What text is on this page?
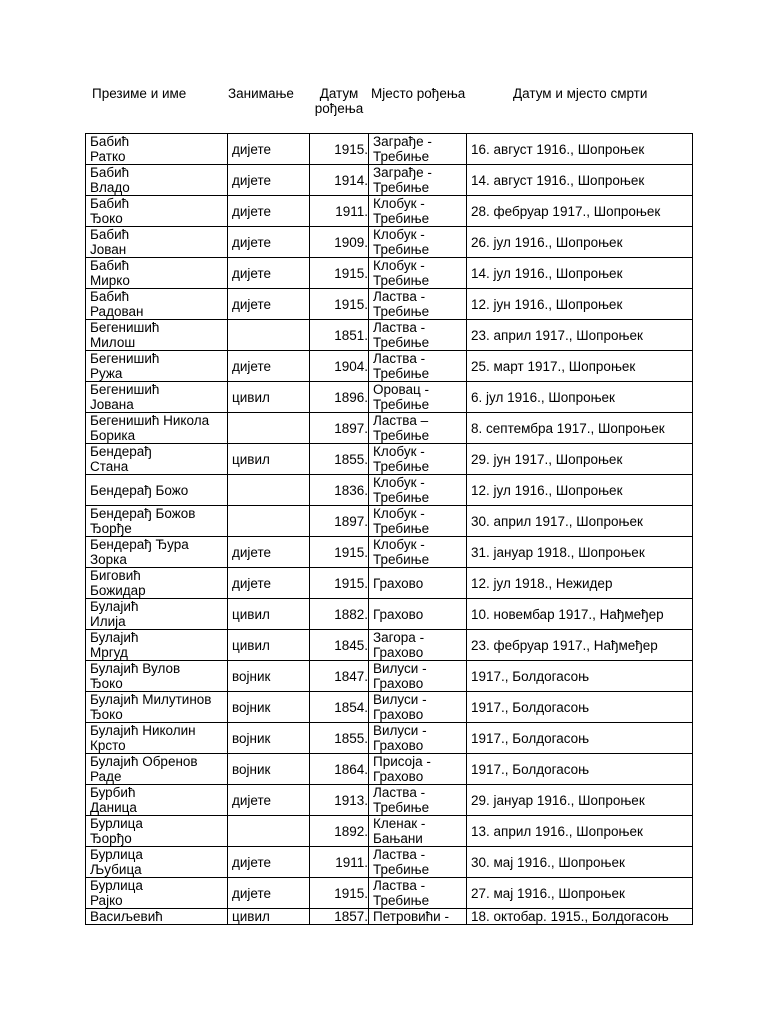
Презиме и име	Занимање	Датум
рођења
Мјесто рођења	Датум и мјесто смрти
Бабић
Ратко	дијете	1915.	Заграђе -
Требиње	16. август 1916., Шопроњек

Бабић
Владо	дијете	1914.	Заграђе -
Требиње	14. август 1916., Шопроњек

Бабић
Ђоко	дијете	1911.	Клобук -
Требиње	28. фебруар 1917., Шопроњек

Бабић
Јован	дијете	1909.	Клобук -
Требиње	26. јул 1916., Шопроњек

Бабић
Мирко	дијете	1915.	Клобук -
Требиње	14. јул 1916., Шопроњек

Бабић
Радован	дијете	1915.	Ластва -
Требиње	12. јун 1916., Шопроњек

Бегенишић
Милош		1851.	Ластва -
Требиње	23. април 1917., Шопроњек

Бегенишић
Ружа	дијете	1904.	Ластва -
Требиње	25. март 1917., Шопроњек

Бегенишић
Јована	цивил	1896.	Оровац -
Требиње	6. јул 1916., Шопроњек

Бегенишић Никола
Борика		1897.	Ластва –
Требиње	8. септембра 1917., Шопроњек

Бендерађ
Стана	цивил	1855.	Клобук -
Требиње	29. јун 1917., Шопроњек

Бендерађ Божо		1836.	Клобук -
Требиње	12. јул 1916., Шопроњек

Бендерађ Божов
Ђорђе		1897.	Клобук -
Требиње	30. април 1917., Шопроњек

Бендерађ Ђура
Зорка	дијете	1915.	Клобук -
Требиње	31. јануар 1918., Шопроњек

Биговић
Божидар	дијете	1915.	Грахово	12. јул 1918., Нежидер

Булајић
Илија	цивил	1882.	Грахово	10. новембар 1917., Нађмеђер

Булајић
Мргуд	цивил	1845.	Загора -
Грахово	23. фебруар 1917., Нађмеђер

Булајић Вулов
Ђоко	војник	1847.	Вилуси -
Грахово	1917., Болдогасоњ

Булајић Милутинов
Ђоко	војник	1854.	Вилуси -
Грахово	1917., Болдогасоњ

Булајић Николин
Крсто	војник	1855.	Вилуси -
Грахово	1917., Болдогасоњ

Булајић Обренов
Раде	војник	1864.	Присоја -
Грахово	1917., Болдогасоњ

Бурбић
Даница	дијете	1913.	Ластва -
Требиње	29. јануар 1916., Шопроњек

Бурлица
Ђорђо		1892.	Кленак -
Бањани	13. април 1916., Шопроњек

Бурлица
Љубица	дијете	1911.	Ластва -
Требиње	30. мај 1916., Шопроњек

Бурлица
Рајко	дијете	1915.	Ластва -
Требиње	27. мај 1916., Шопроњек

Васиљевић	цивил	1857.	Петровићи -	18. октобар. 1915., Болдогасоњ
